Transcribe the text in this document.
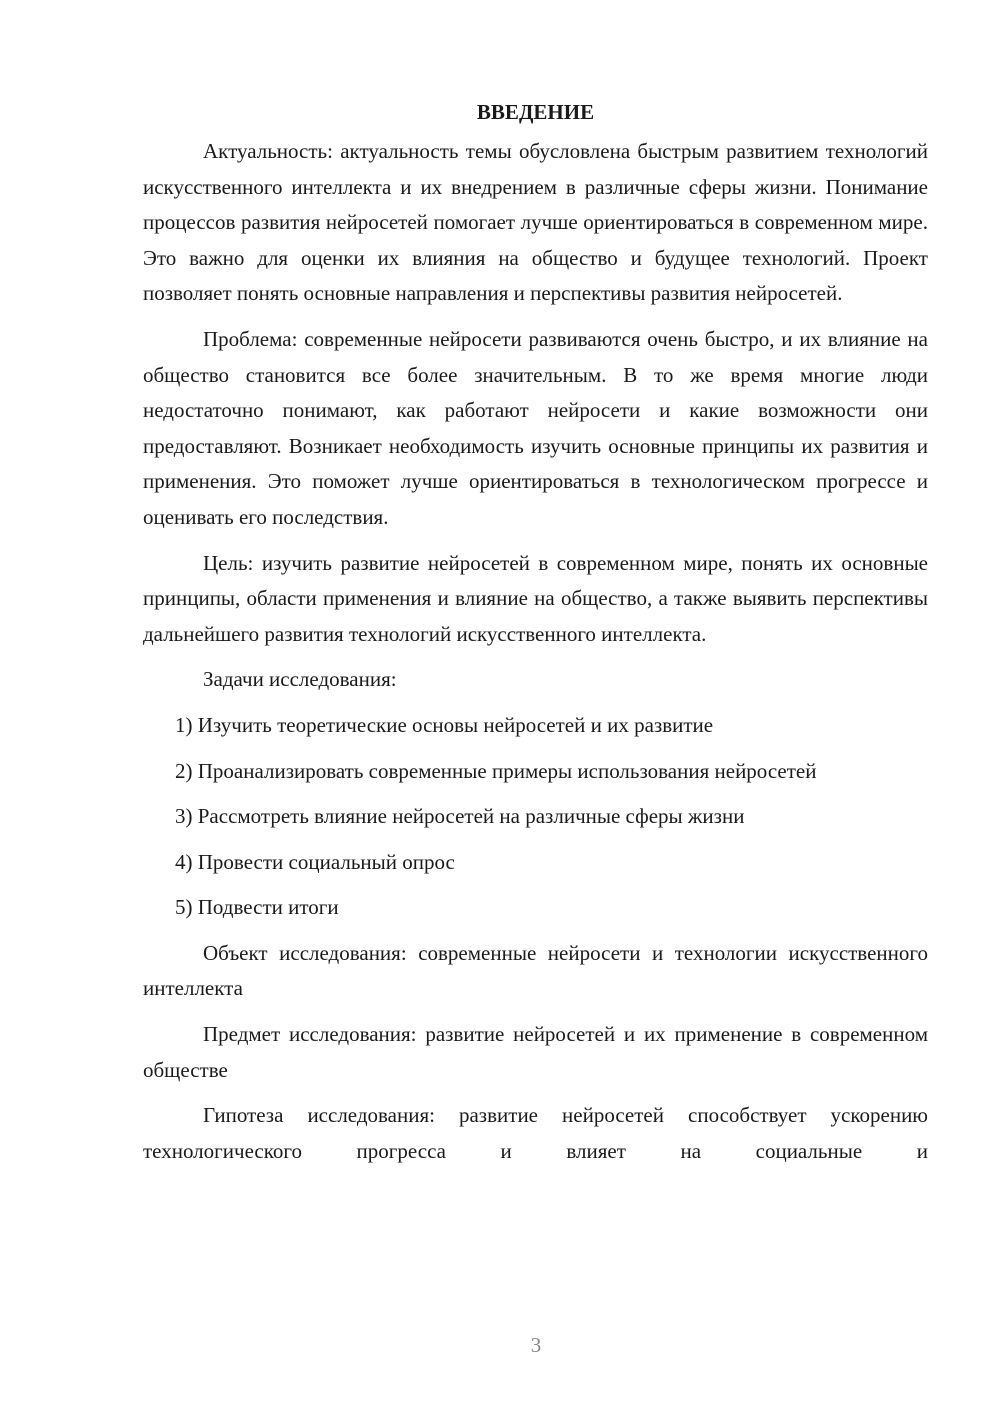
ВВЕДЕНИЕ

Актуальность: актуальность темы обусловлена быстрым развитием технологий искусственного интеллекта и их внедрением в различные сферы жизни. Понимание процессов развития нейросетей помогает лучше ориентироваться в современном мире. Это важно для оценки их влияния на общество и будущее технологий. Проект позволяет понять основные направления и перспективы развития нейросетей.

Проблема: современные нейросети развиваются очень быстро, и их влияние на общество становится все более значительным. В то же время многие люди недостаточно понимают, как работают нейросети и какие возможности они предоставляют. Возникает необходимость изучить основные принципы их развития и применения. Это поможет лучше ориентироваться в технологическом прогрессе и оценивать его последствия.

Цель: изучить развитие нейросетей в современном мире, понять их основные принципы, области применения и влияние на общество, а также выявить перспективы дальнейшего развития технологий искусственного интеллекта.

Задачи исследования:

1) Изучить теоретические основы нейросетей и их развитие

2) Проанализировать современные примеры использования нейросетей

3) Рассмотреть влияние нейросетей на различные сферы жизни

4) Провести социальный опрос

5) Подвести итоги

Объект исследования: современные нейросети и технологии искусственного интеллекта

Предмет исследования: развитие нейросетей и их применение в современном обществе

Гипотеза исследования: развитие нейросетей способствует ускорению технологического прогресса и влияет на социальные и

3
